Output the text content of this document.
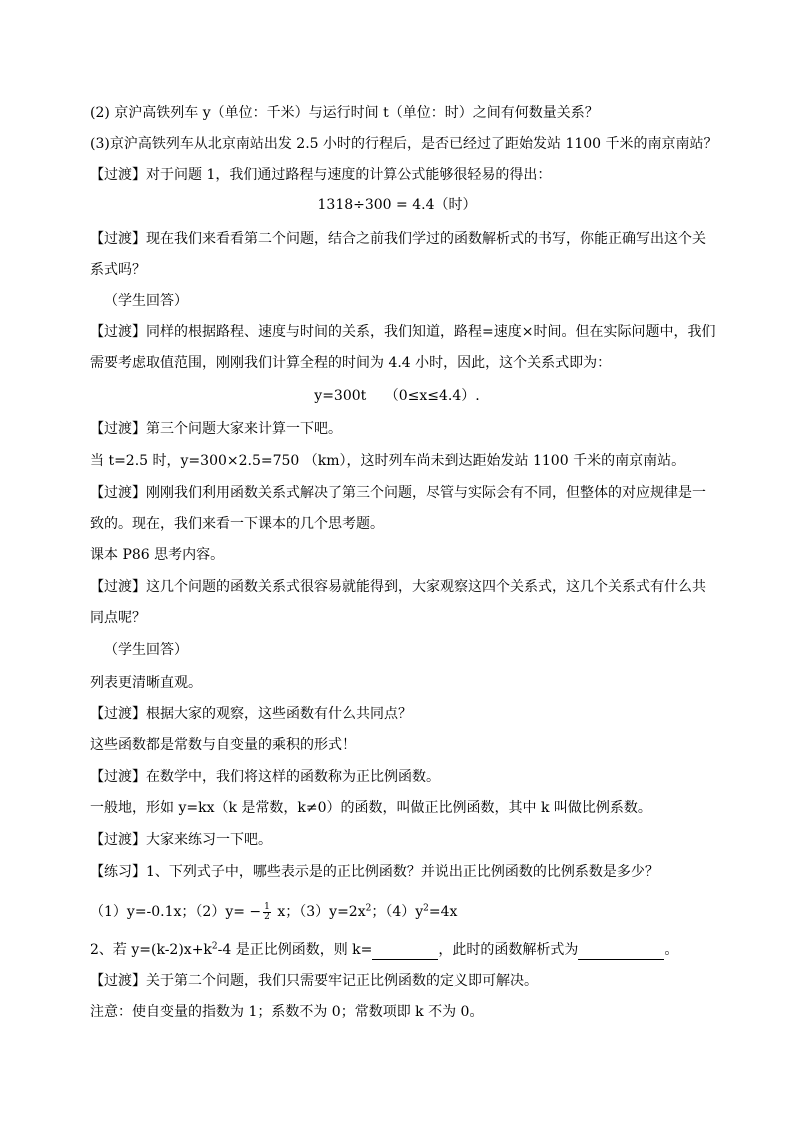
(2) 京沪高铁列车 y（单位：千米）与运行时间 t（单位：时）之间有何数量关系？
(3)京沪高铁列车从北京南站出发 2.5 小时的行程后，是否已经过了距始发站 1100 千米的南京南站？
【过渡】对于问题 1，我们通过路程与速度的计算公式能够很轻易的得出：
1318÷300 = 4.4（时）
【过渡】现在我们来看看第二个问题，结合之前我们学过的函数解析式的书写，你能正确写出这个关
系式吗？
（学生回答）
【过渡】同样的根据路程、速度与时间的关系，我们知道，路程=速度×时间。但在实际问题中，我们
需要考虑取值范围，刚刚我们计算全程的时间为 4.4 小时，因此，这个关系式即为：
y=300t　 （0≤x≤4.4）.
【过渡】第三个问题大家来计算一下吧。
当 t=2.5 时，y=300×2.5=750 （km），这时列车尚未到达距始发站 1100 千米的南京南站。
【过渡】刚刚我们利用函数关系式解决了第三个问题，尽管与实际会有不同，但整体的对应规律是一
致的。现在，我们来看一下课本的几个思考题。
课本 P86 思考内容。
【过渡】这几个问题的函数关系式很容易就能得到，大家观察这四个关系式，这几个关系式有什么共
同点呢？
（学生回答）
列表更清晰直观。
【过渡】根据大家的观察，这些函数有什么共同点？
这些函数都是常数与自变量的乘积的形式！
【过渡】在数学中，我们将这样的函数称为正比例函数。
一般地，形如 y=kx（k 是常数，k≠0）的函数，叫做正比例函数，其中 k 叫做比例系数。
【过渡】大家来练习一下吧。
【练习】1、下列式子中，哪些表示是的正比例函数？并说出正比例函数的比例系数是多少？
（1）y=-0.1x；$(2)y= - \frac{1}{2}$ x；$(3)y=2x^2$；$(4)y^2=4x$
2、若 $y=(k-2)x+k^2-4$ 是正比例函数，则 k=	，此时的函数解析式为	。
【过渡】关于第二个问题，我们只需要牢记正比例函数的定义即可解决。
注意：使自变量的指数为 1；系数不为 0；常数项即 k 不为 0。
